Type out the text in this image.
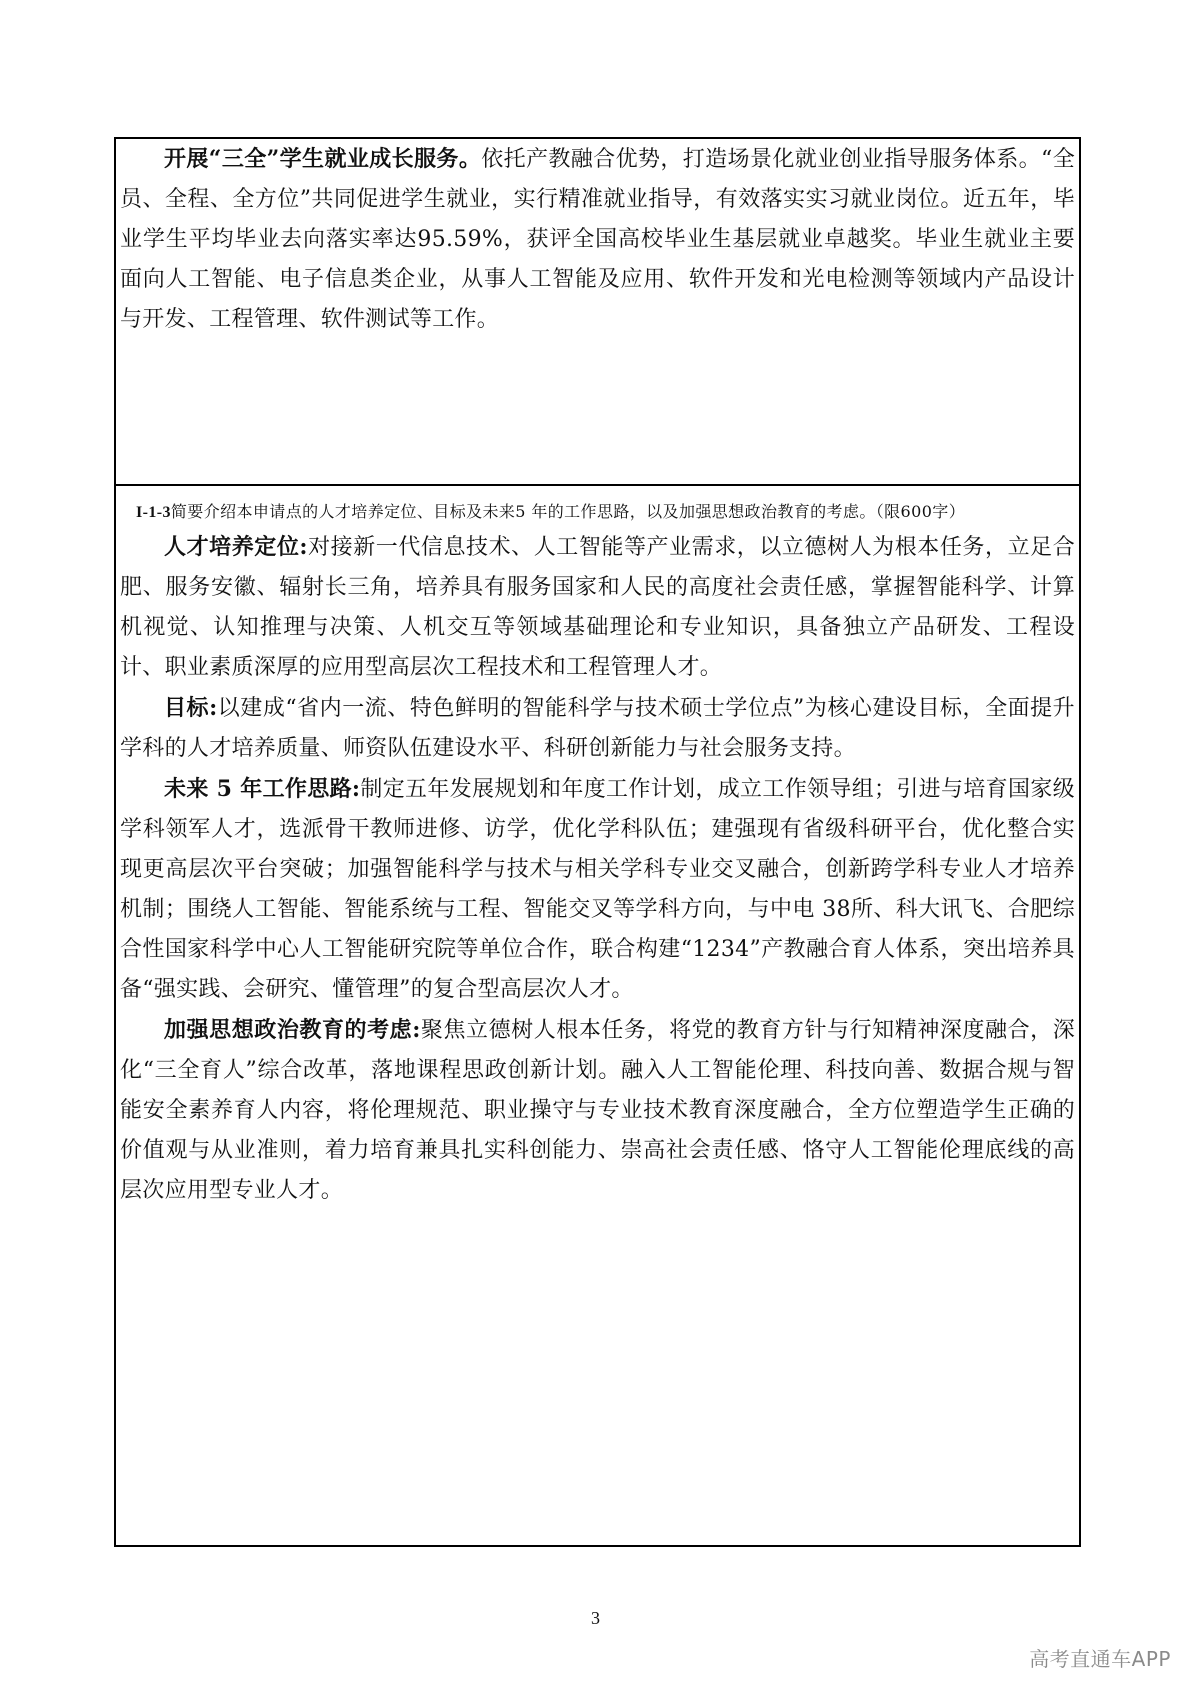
开展“三全”学生就业成长服务。依托产教融合优势，打造场景化就业创业指导服务体系。“全员、全程、全方位”共同促进学生就业，实行精准就业指导，有效落实实习就业岗位。近五年，毕业学生平均毕业去向落实率达95.59%，获评全国高校毕业生基层就业卓越奖。毕业生就业主要面向人工智能、电子信息类企业，从事人工智能及应用、软件开发和光电检测等领域内产品设计与开发、工程管理、软件测试等工作。

I-1-3简要介绍本申请点的人才培养定位、目标及未来5 年的工作思路，以及加强思想政治教育的考虑。（限600字）

人才培养定位:对接新一代信息技术、人工智能等产业需求，以立德树人为根本任务，立足合肥、服务安徽、辐射长三角，培养具有服务国家和人民的高度社会责任感，掌握智能科学、计算机视觉、认知推理与决策、人机交互等领域基础理论和专业知识，具备独立产品研发、工程设计、职业素质深厚的应用型高层次工程技术和工程管理人才。

目标:以建成“省内一流、特色鲜明的智能科学与技术硕士学位点”为核心建设目标，全面提升学科的人才培养质量、师资队伍建设水平、科研创新能力与社会服务支持。

未来 5 年工作思路:制定五年发展规划和年度工作计划，成立工作领导组；引进与培育国家级学科领军人才，选派骨干教师进修、访学，优化学科队伍；建强现有省级科研平台，优化整合实现更高层次平台突破；加强智能科学与技术与相关学科专业交叉融合，创新跨学科专业人才培养机制；围绕人工智能、智能系统与工程、智能交叉等学科方向，与中电 38所、科大讯飞、合肥综合性国家科学中心人工智能研究院等单位合作，联合构建“1234”产教融合育人体系，突出培养具备“强实践、会研究、懂管理”的复合型高层次人才。

加强思想政治教育的考虑:聚焦立德树人根本任务，将党的教育方针与行知精神深度融合，深化“三全育人”综合改革，落地课程思政创新计划。融入人工智能伦理、科技向善、数据合规与智能安全素养育人内容，将伦理规范、职业操守与专业技术教育深度融合，全方位塑造学生正确的价值观与从业准则，着力培育兼具扎实科创能力、崇高社会责任感、恪守人工智能伦理底线的高层次应用型专业人才。

3
高考直通车APP
